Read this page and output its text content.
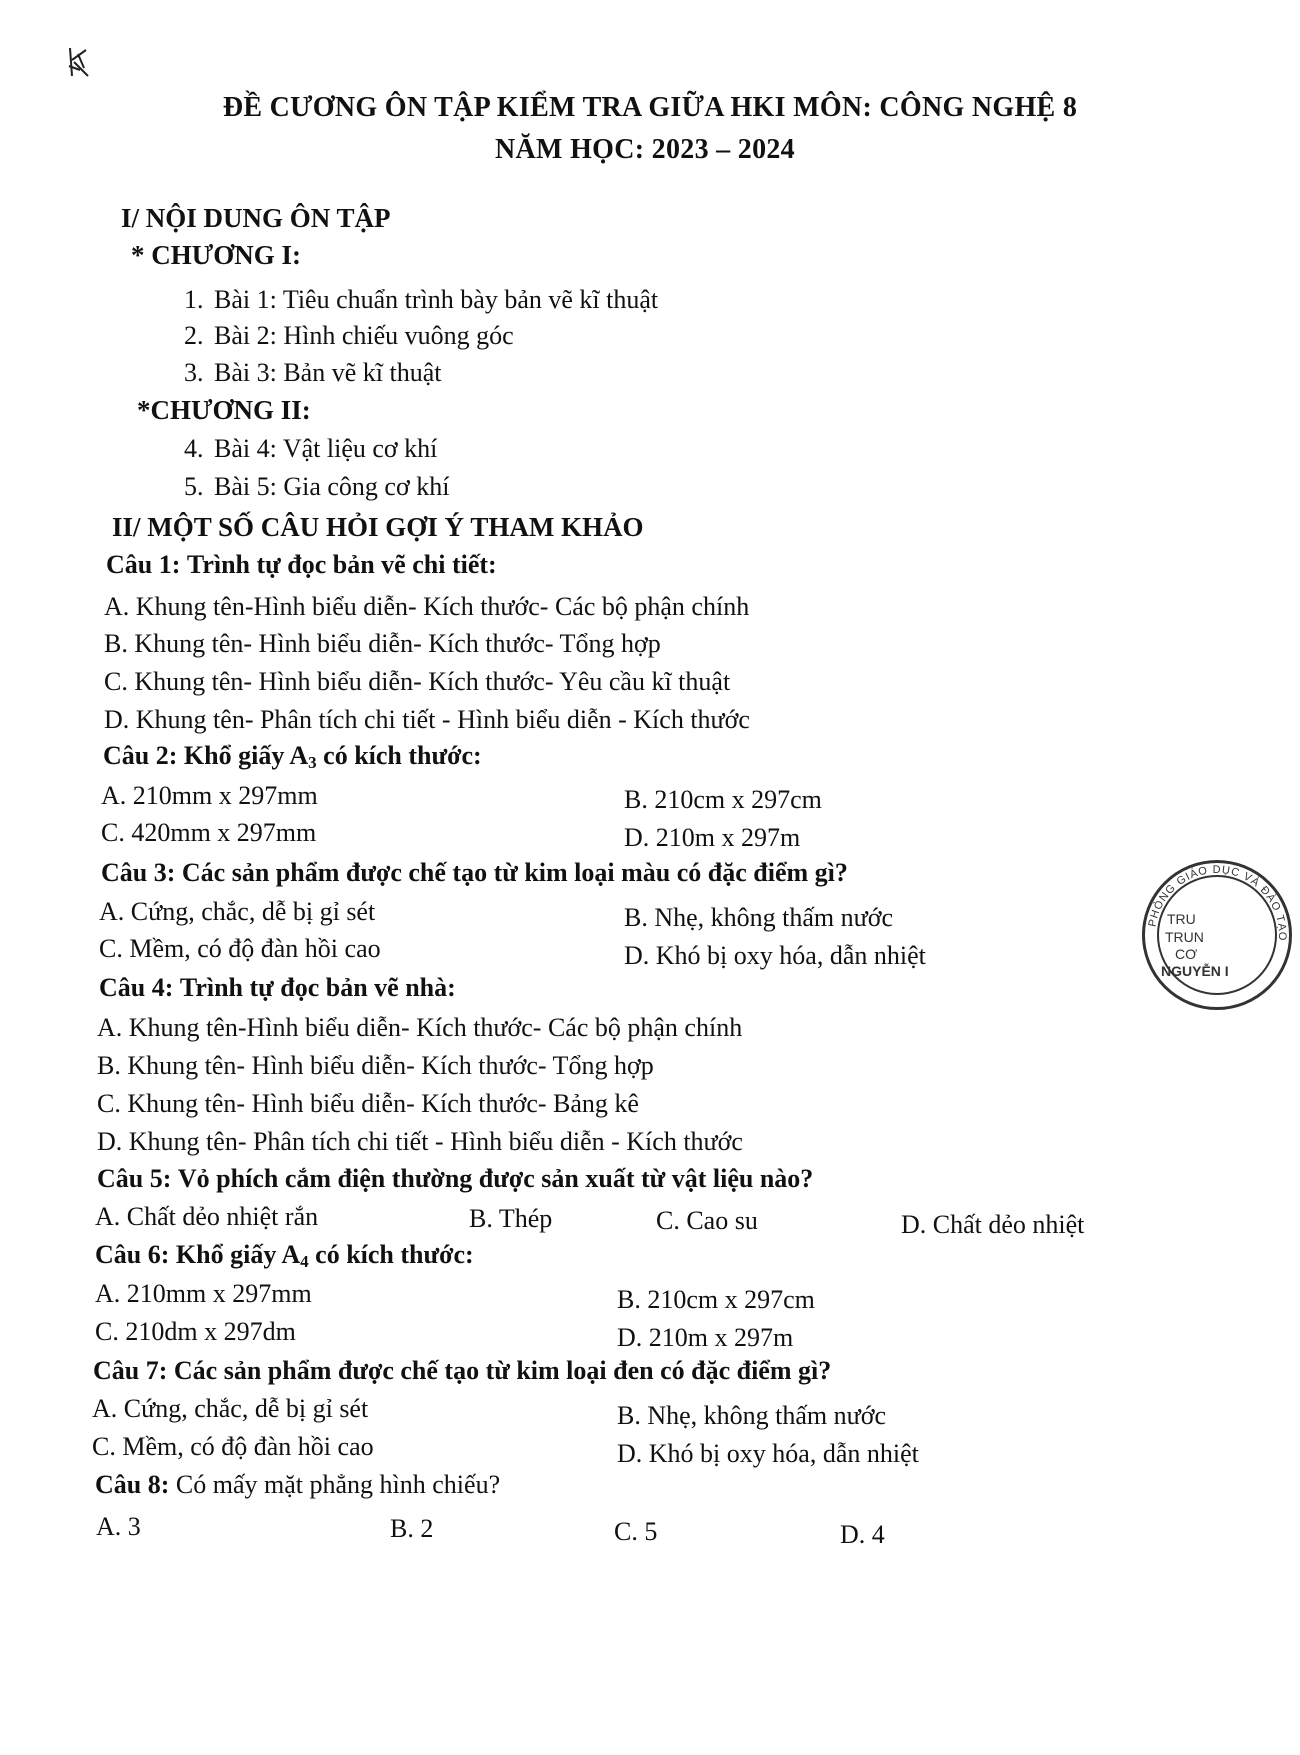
ĐỀ CƯƠNG ÔN TẬP KIỂM TRA GIỮA HKI MÔN: CÔNG NGHỆ 8
NĂM HỌC: 2023 – 2024
I/ NỘI DUNG ÔN TẬP
* CHƯƠNG I:
1. Bài 1: Tiêu chuẩn trình bày bản vẽ kĩ thuật
2. Bài 2: Hình chiếu vuông góc
3. Bài 3: Bản vẽ kĩ thuật
*CHƯƠNG II:
4. Bài 4: Vật liệu cơ khí
5. Bài 5: Gia công cơ khí
II/ MỘT SỐ CÂU HỎI GỢI Ý THAM KHẢO
Câu 1: Trình tự đọc bản vẽ chi tiết:
A. Khung tên-Hình biểu diễn- Kích thước- Các bộ phận chính
B. Khung tên- Hình biểu diễn- Kích thước- Tổng hợp
C. Khung tên- Hình biểu diễn- Kích thước- Yêu cầu kĩ thuật
D. Khung tên- Phân tích chi tiết - Hình biểu diễn - Kích thước
Câu 2: Khổ giấy A3 có kích thước:
A. 210mm x 297mm	B. 210cm x 297cm
C. 420mm x 297mm	D. 210m x 297m
Câu 3: Các sản phẩm được chế tạo từ kim loại màu có đặc điểm gì?
A. Cứng, chắc, dễ bị gỉ sét	B. Nhẹ, không thấm nước
C. Mềm, có độ đàn hồi cao	D. Khó bị oxy hóa, dẫn nhiệt
Câu 4: Trình tự đọc bản vẽ nhà:
A. Khung tên-Hình biểu diễn- Kích thước- Các bộ phận chính
B. Khung tên- Hình biểu diễn- Kích thước- Tổng hợp
C. Khung tên- Hình biểu diễn- Kích thước- Bảng kê
D. Khung tên- Phân tích chi tiết - Hình biểu diễn - Kích thước
Câu 5: Vỏ phích cắm điện thường được sản xuất từ vật liệu nào?
A. Chất dẻo nhiệt rắn	B. Thép	C. Cao su	D. Chất dẻo nhiệt
Câu 6: Khổ giấy A4 có kích thước:
A. 210mm x 297mm	B. 210cm x 297cm
C. 210dm x 297dm	D. 210m x 297m
Câu 7: Các sản phẩm được chế tạo từ kim loại đen có đặc điểm gì?
A. Cứng, chắc, dễ bị gỉ sét	B. Nhẹ, không thấm nước
C. Mềm, có độ đàn hồi cao	D. Khó bị oxy hóa, dẫn nhiệt
Câu 8: Có mấy mặt phẳng hình chiếu?
A. 3	B. 2	C. 5	D. 4
PHÒNG GIÁO DỤC VÀ ĐÀO TẠO
TRU
TRUN
CƠ
NGUYỄN I
